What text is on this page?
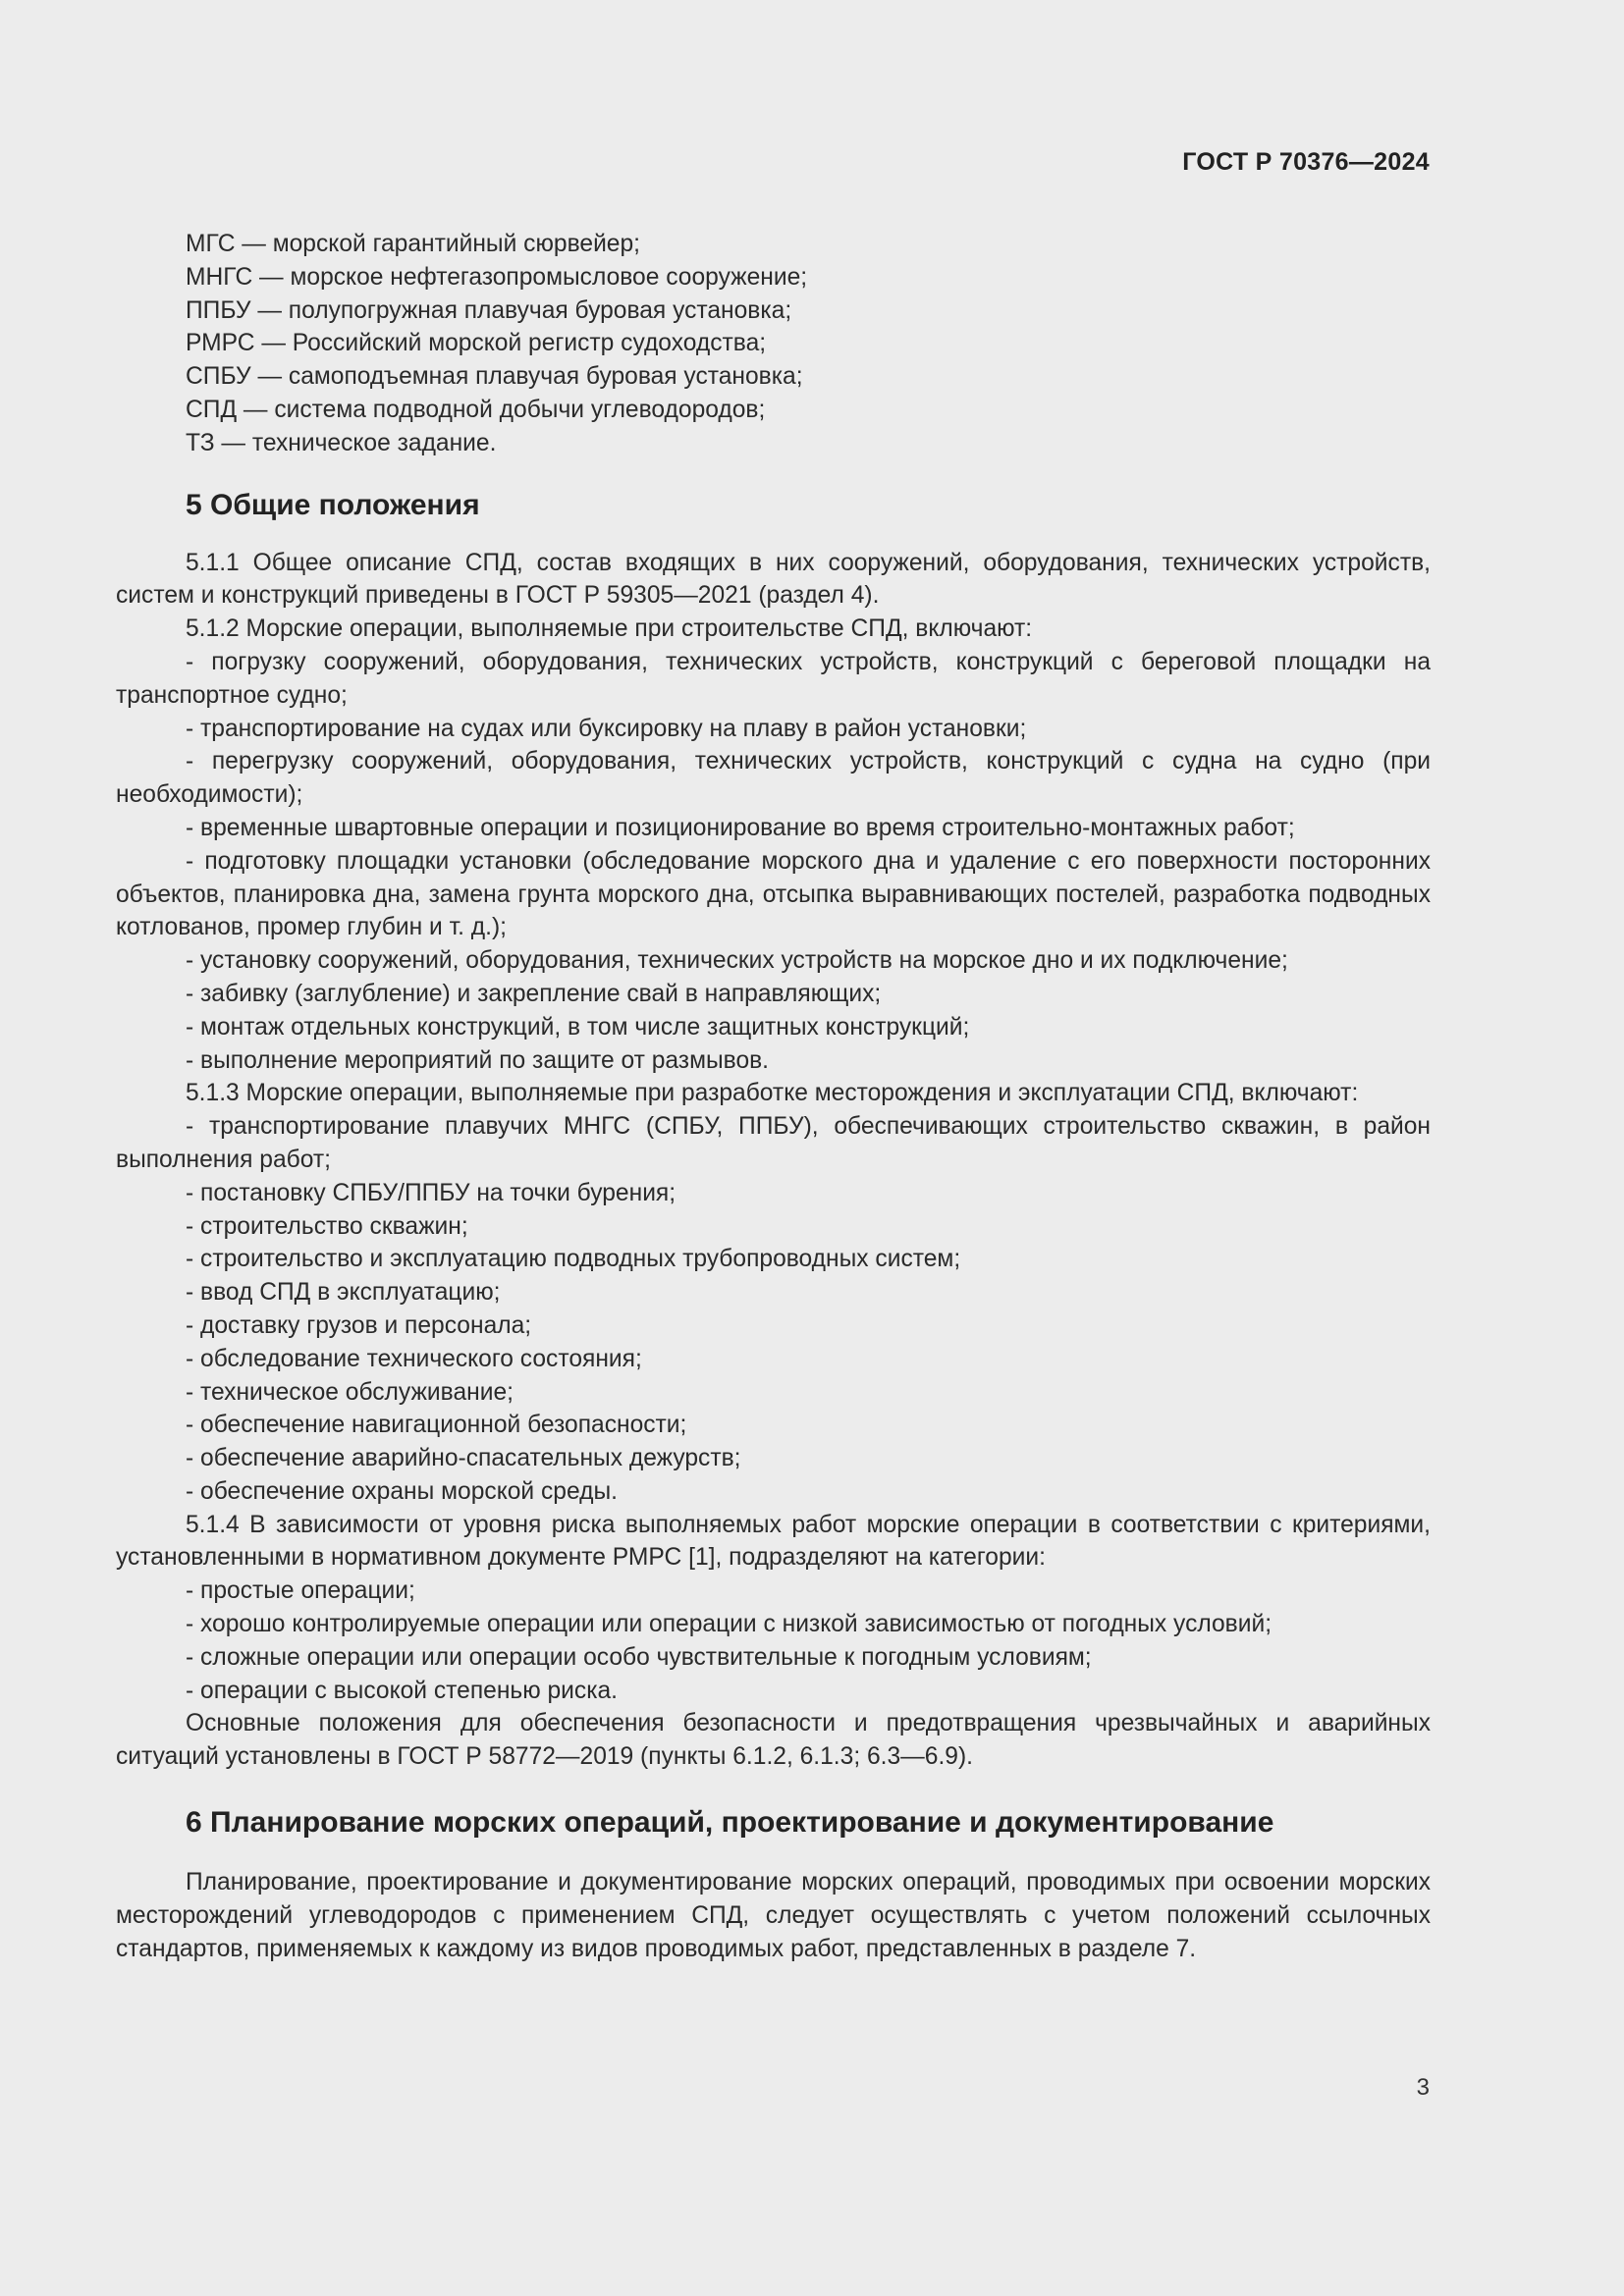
ГОСТ Р 70376—2024
МГС — морской гарантийный сюрвейер;
МНГС — морское нефтегазопромысловое сооружение;
ППБУ — полупогружная плавучая буровая установка;
РМРС — Российский морской регистр судоходства;
СПБУ — самоподъемная плавучая буровая установка;
СПД — система подводной добычи углеводородов;
ТЗ — техническое задание.
5 Общие положения

5.1.1 Общее описание СПД, состав входящих в них сооружений, оборудования, технических устройств, систем и конструкций приведены в ГОСТ Р 59305—2021 (раздел 4).

5.1.2 Морские операции, выполняемые при строительстве СПД, включают:

- погрузку сооружений, оборудования, технических устройств, конструкций с береговой площадки на транспортное судно;

- транспортирование на судах или буксировку на плаву в район установки;

- перегрузку сооружений, оборудования, технических устройств, конструкций с судна на судно (при необходимости);

- временные швартовные операции и позиционирование во время строительно-монтажных работ;

- подготовку площадки установки (обследование морского дна и удаление с его поверхности посторонних объектов, планировка дна, замена грунта морского дна, отсыпка выравнивающих постелей, разработка подводных котлованов, промер глубин и т. д.);

- установку сооружений, оборудования, технических устройств на морское дно и их подключение;

- забивку (заглубление) и закрепление свай в направляющих;

- монтаж отдельных конструкций, в том числе защитных конструкций;

- выполнение мероприятий по защите от размывов.

5.1.3 Морские операции, выполняемые при разработке месторождения и эксплуатации СПД, включают:

- транспортирование плавучих МНГС (СПБУ, ППБУ), обеспечивающих строительство скважин, в район выполнения работ;

- постановку СПБУ/ППБУ на точки бурения;

- строительство скважин;

- строительство и эксплуатацию подводных трубопроводных систем;

- ввод СПД в эксплуатацию;

- доставку грузов и персонала;

- обследование технического состояния;

- техническое обслуживание;

- обеспечение навигационной безопасности;

- обеспечение аварийно-спасательных дежурств;

- обеспечение охраны морской среды.

5.1.4 В зависимости от уровня риска выполняемых работ морские операции в соответствии с критериями, установленными в нормативном документе РМРС [1], подразделяют на категории:

- простые операции;

- хорошо контролируемые операции или операции с низкой зависимостью от погодных условий;

- сложные операции или операции особо чувствительные к погодным условиям;

- операции с высокой степенью риска.

Основные положения для обеспечения безопасности и предотвращения чрезвычайных и аварийных ситуаций установлены в ГОСТ Р 58772—2019 (пункты 6.1.2, 6.1.3; 6.3—6.9).

6 Планирование морских операций, проектирование и документирование

Планирование, проектирование и документирование морских операций, проводимых при освоении морских месторождений углеводородов с применением СПД, следует осуществлять с учетом положений ссылочных стандартов, применяемых к каждому из видов проводимых работ, представленных в разделе 7.

3
